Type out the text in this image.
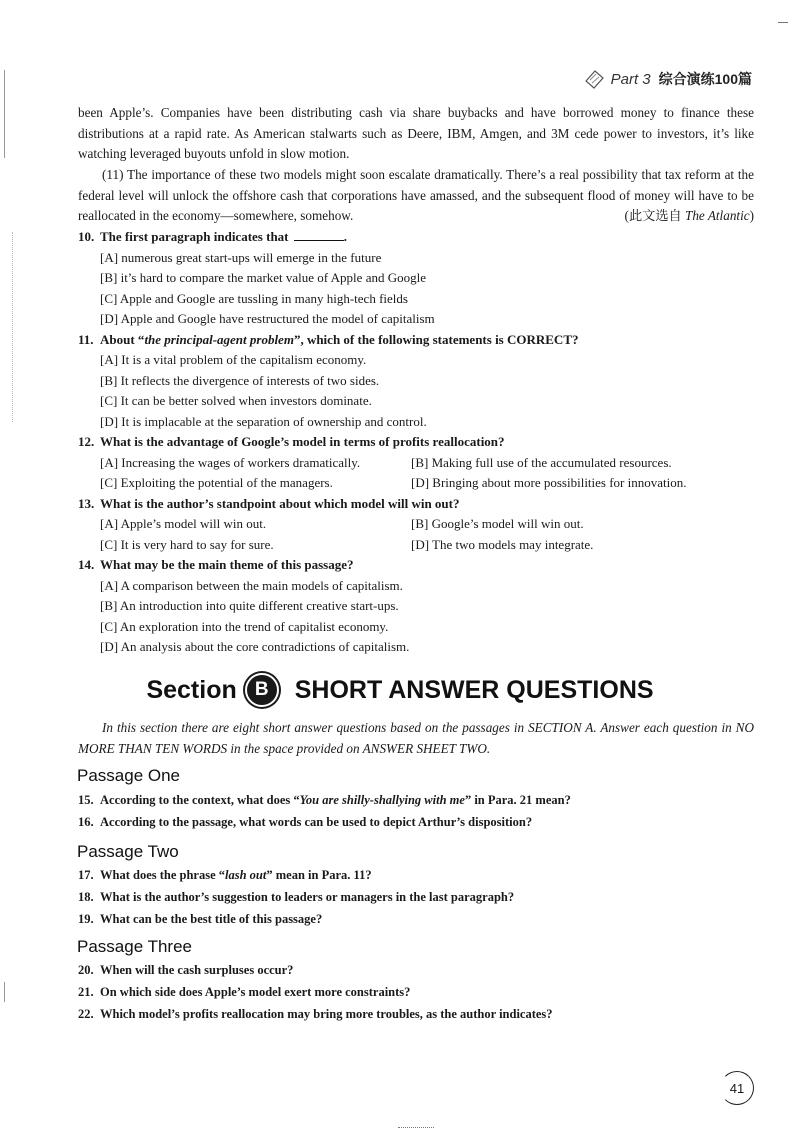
Part 3 综合演练100篇
been Apple’s. Companies have been distributing cash via share buybacks and have borrowed money to finance these distributions at a rapid rate. As American stalwarts such as Deere, IBM, Amgen, and 3M cede power to investors, it’s like watching leveraged buyouts unfold in slow motion.
(11) The importance of these two models might soon escalate dramatically. There’s a real possibility that tax reform at the federal level will unlock the offshore cash that corporations have amassed, and the subsequent flood of money will have to be reallocated in the economy—somewhere, somehow.	(此文选自 The Atlantic)
10. The first paragraph indicates that	.
[A] numerous great start-ups will emerge in the future
[B] it’s hard to compare the market value of Apple and Google
[C] Apple and Google are tussling in many high-tech fields
[D] Apple and Google have restructured the model of capitalism
11. About “the principal-agent problem”, which of the following statements is CORRECT?
[A] It is a vital problem of the capitalism economy.
[B] It reflects the divergence of interests of two sides.
[C] It can be better solved when investors dominate.
[D] It is implacable at the separation of ownership and control.
12. What is the advantage of Google’s model in terms of profits reallocation?
[A] Increasing the wages of workers dramatically.	[B] Making full use of the accumulated resources.
[C] Exploiting the potential of the managers.	[D] Bringing about more possibilities for innovation.
13. What is the author’s standpoint about which model will win out?
[A] Apple’s model will win out.	[B] Google’s model will win out.
[C] It is very hard to say for sure.	[D] The two models may integrate.
14. What may be the main theme of this passage?
[A] A comparison between the main models of capitalism.
[B] An introduction into quite different creative start-ups.
[C] An exploration into the trend of capitalist economy.
[D] An analysis about the core contradictions of capitalism.
Section B	SHORT ANSWER QUESTIONS
In this section there are eight short answer questions based on the passages in SECTION A. Answer each question in NO MORE THAN TEN WORDS in the space provided on ANSWER SHEET TWO.
Passage One
15. According to the context, what does “You are shilly-shallying with me” in Para. 21 mean?
16. According to the passage, what words can be used to depict Arthur’s disposition?
Passage Two
17. What does the phrase “lash out” mean in Para. 11?
18. What is the author’s suggestion to leaders or managers in the last paragraph?
19. What can be the best title of this passage?
Passage Three
20. When will the cash surpluses occur?
21. On which side does Apple’s model exert more constraints?
22. Which model’s profits reallocation may bring more troubles, as the author indicates?
41
